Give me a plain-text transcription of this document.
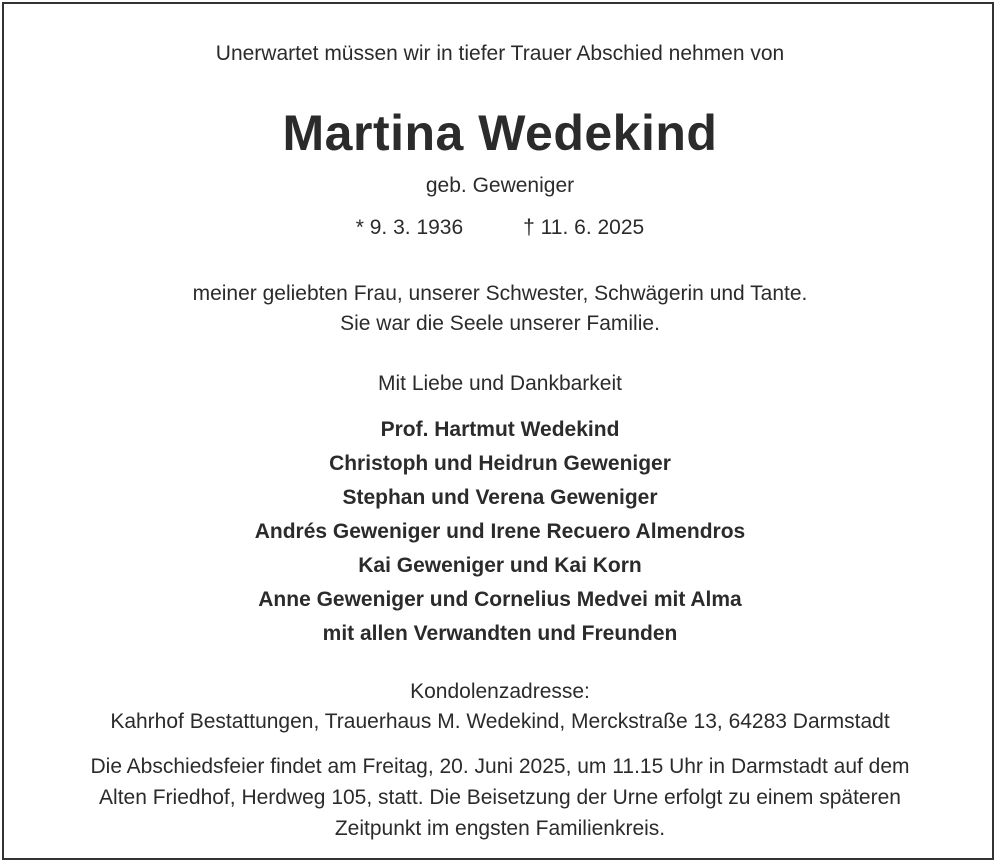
Unerwartet müssen wir in tiefer Trauer Abschied nehmen von
Martina Wedekind
geb. Geweniger
* 9. 3. 1936	† 11. 6. 2025
meiner geliebten Frau, unserer Schwester, Schwägerin und Tante.
Sie war die Seele unserer Familie.
Mit Liebe und Dankbarkeit
Prof. Hartmut Wedekind
Christoph und Heidrun Geweniger
Stephan und Verena Geweniger
Andrés Geweniger und Irene Recuero Almendros
Kai Geweniger und Kai Korn
Anne Geweniger und Cornelius Medvei mit Alma
mit allen Verwandten und Freunden
Kondolenzadresse:
Kahrhof Bestattungen, Trauerhaus M. Wedekind, Merckstraße 13, 64283 Darmstadt
Die Abschiedsfeier findet am Freitag, 20. Juni 2025, um 11.15 Uhr in Darmstadt auf dem
Alten Friedhof, Herdweg 105, statt. Die Beisetzung der Urne erfolgt zu einem späteren
Zeitpunkt im engsten Familienkreis.
